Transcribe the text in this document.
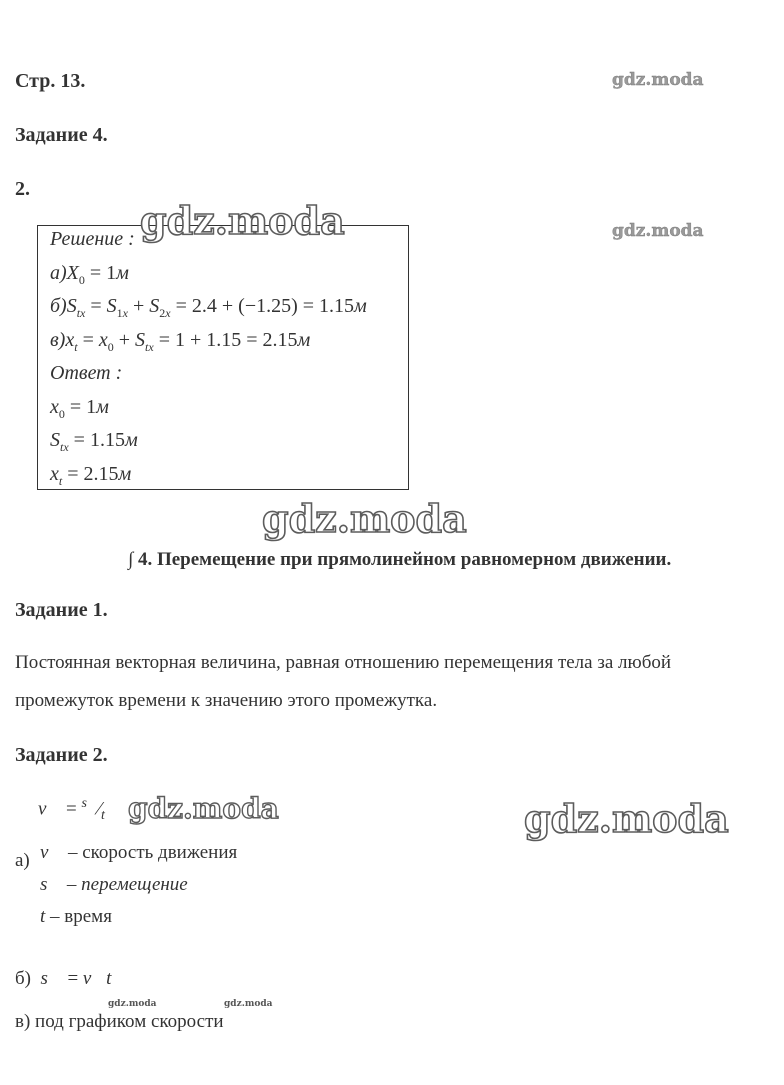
Стр. 13.
Задание 4.
2.
Решение :
$а)X_0 = 1м$
$б)S_{tx} = S_{1x} + S_{2x} = 2.4 + (-1.25) = 1.15м$
$в)x_t = x_0 + S_{tx} = 1 + 1.15 = 2.15м$
Ответ :
$x_0 = 1м$
$S_{tx} = 1.15м$
$x_t = 2.15м$
∫ 4. Перемещение при прямолинейном равномерном движении.
Задание 1.
Постоянная векторная величина, равная отношению перемещения тела за любой
промежуток времени к значению этого промежутка.
Задание 2.
v⃗ = $^{s⃗}⁄_t$
а) v⃗ – скорость движения
s⃗ – перемещение
t – время
б)  s⃗ = v⃗t
в) под графиком скорости
gdz.moda
gdz.moda	gdz.moda
gdz.moda
gdz.moda	gdz.moda
gdz.moda	gdz.moda
